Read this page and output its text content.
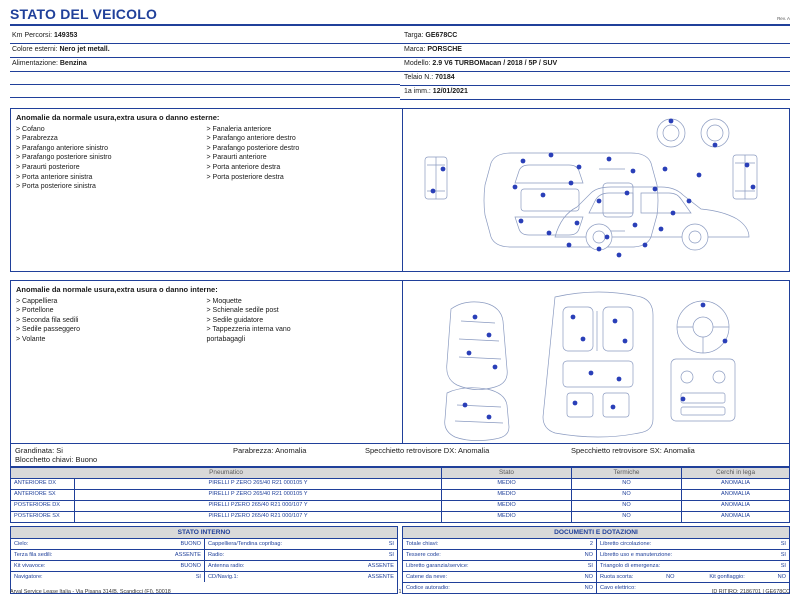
STATO DEL VEICOLO	Rev. A
Km Percorsi: 149353
Colore esterni: Nero jet metall.
Alimentazione: Benzina
Targa: GE678CC
Marca: PORSCHE
Modello: 2.9 V6 TURBOMacan / 2018 / 5P / SUV
Telaio N.: 70184
1a imm.: 12/01/2021
Anomalie da normale usura,extra usura o danno esterne:
> Cofano
> Parabrezza
> Parafango anteriore sinistro
> Parafango posteriore sinistro
> Paraurti posteriore
> Porta anteriore sinistra
> Porta posteriore sinistra
> Fanaleria anteriore
> Parafango anteriore destro
> Parafango posteriore destro
> Paraurti anteriore
> Porta anteriore destra
> Porta posteriore destra
Anomalie da normale usura,extra usura o danno interne:
> Cappelliera
> Portellone
> Seconda fila sedili
> Sedile passeggero
> Volante
> Moquette
> Schienale sedile post
> Sedile guidatore
> Tappezzeria interna vano portabagagli
Grandinata: Si	Parabrezza: Anomalia	Specchietto retrovisore DX: Anomalia	Specchietto retrovisore SX: Anomalia
Blocchetto chiavi: Buono
Pneumatico		Stato	Termiche	Cerchi in lega
ANTERIORE DX	PIRELLI P ZERO 265/40 R21 000105 Y	MEDIO	NO	ANOMALIA
ANTERIORE SX	PIRELLI P ZERO 265/40 R21 000105 Y	MEDIO	NO	ANOMALIA
POSTERIORE DX	PIRELLI PZERO 265/40 R21 000/107 Y	MEDIO	NO	ANOMALIA
POSTERIORE SX	PIRELLI PZERO 265/40 R21 000/107 Y	MEDIO	NO	ANOMALIA
STATO INTERNO
Cielo:	BUONO Cappelliera/Tendina copribag:	SI
Terza fila sedili:	ASSENTE Radio:	SI
Kit vivavoce:	BUONO Antenna radio:	ASSENTE
Navigatore:	SI CD/Navig.1:	ASSENTE
DOCUMENTI E DOTAZIONI
Totale chiavi:	2 Libretto circolazione:	SI
Tessere code:	NO Libretto uso e manutenzione:	SI
Libretto garanzia/service:	SI Triangolo di emergenza:	SI
Catene da neve:	NO Ruota scorta:	NO	Kit gonfiaggio:	NO
Codice autoradio:	NO Cavo elettrico:
Arval Service Lease Italia - Via Pisana 314/B, Scandicci (FI), 50018	1	ID RITIRO: 2186701 | GE678CC
